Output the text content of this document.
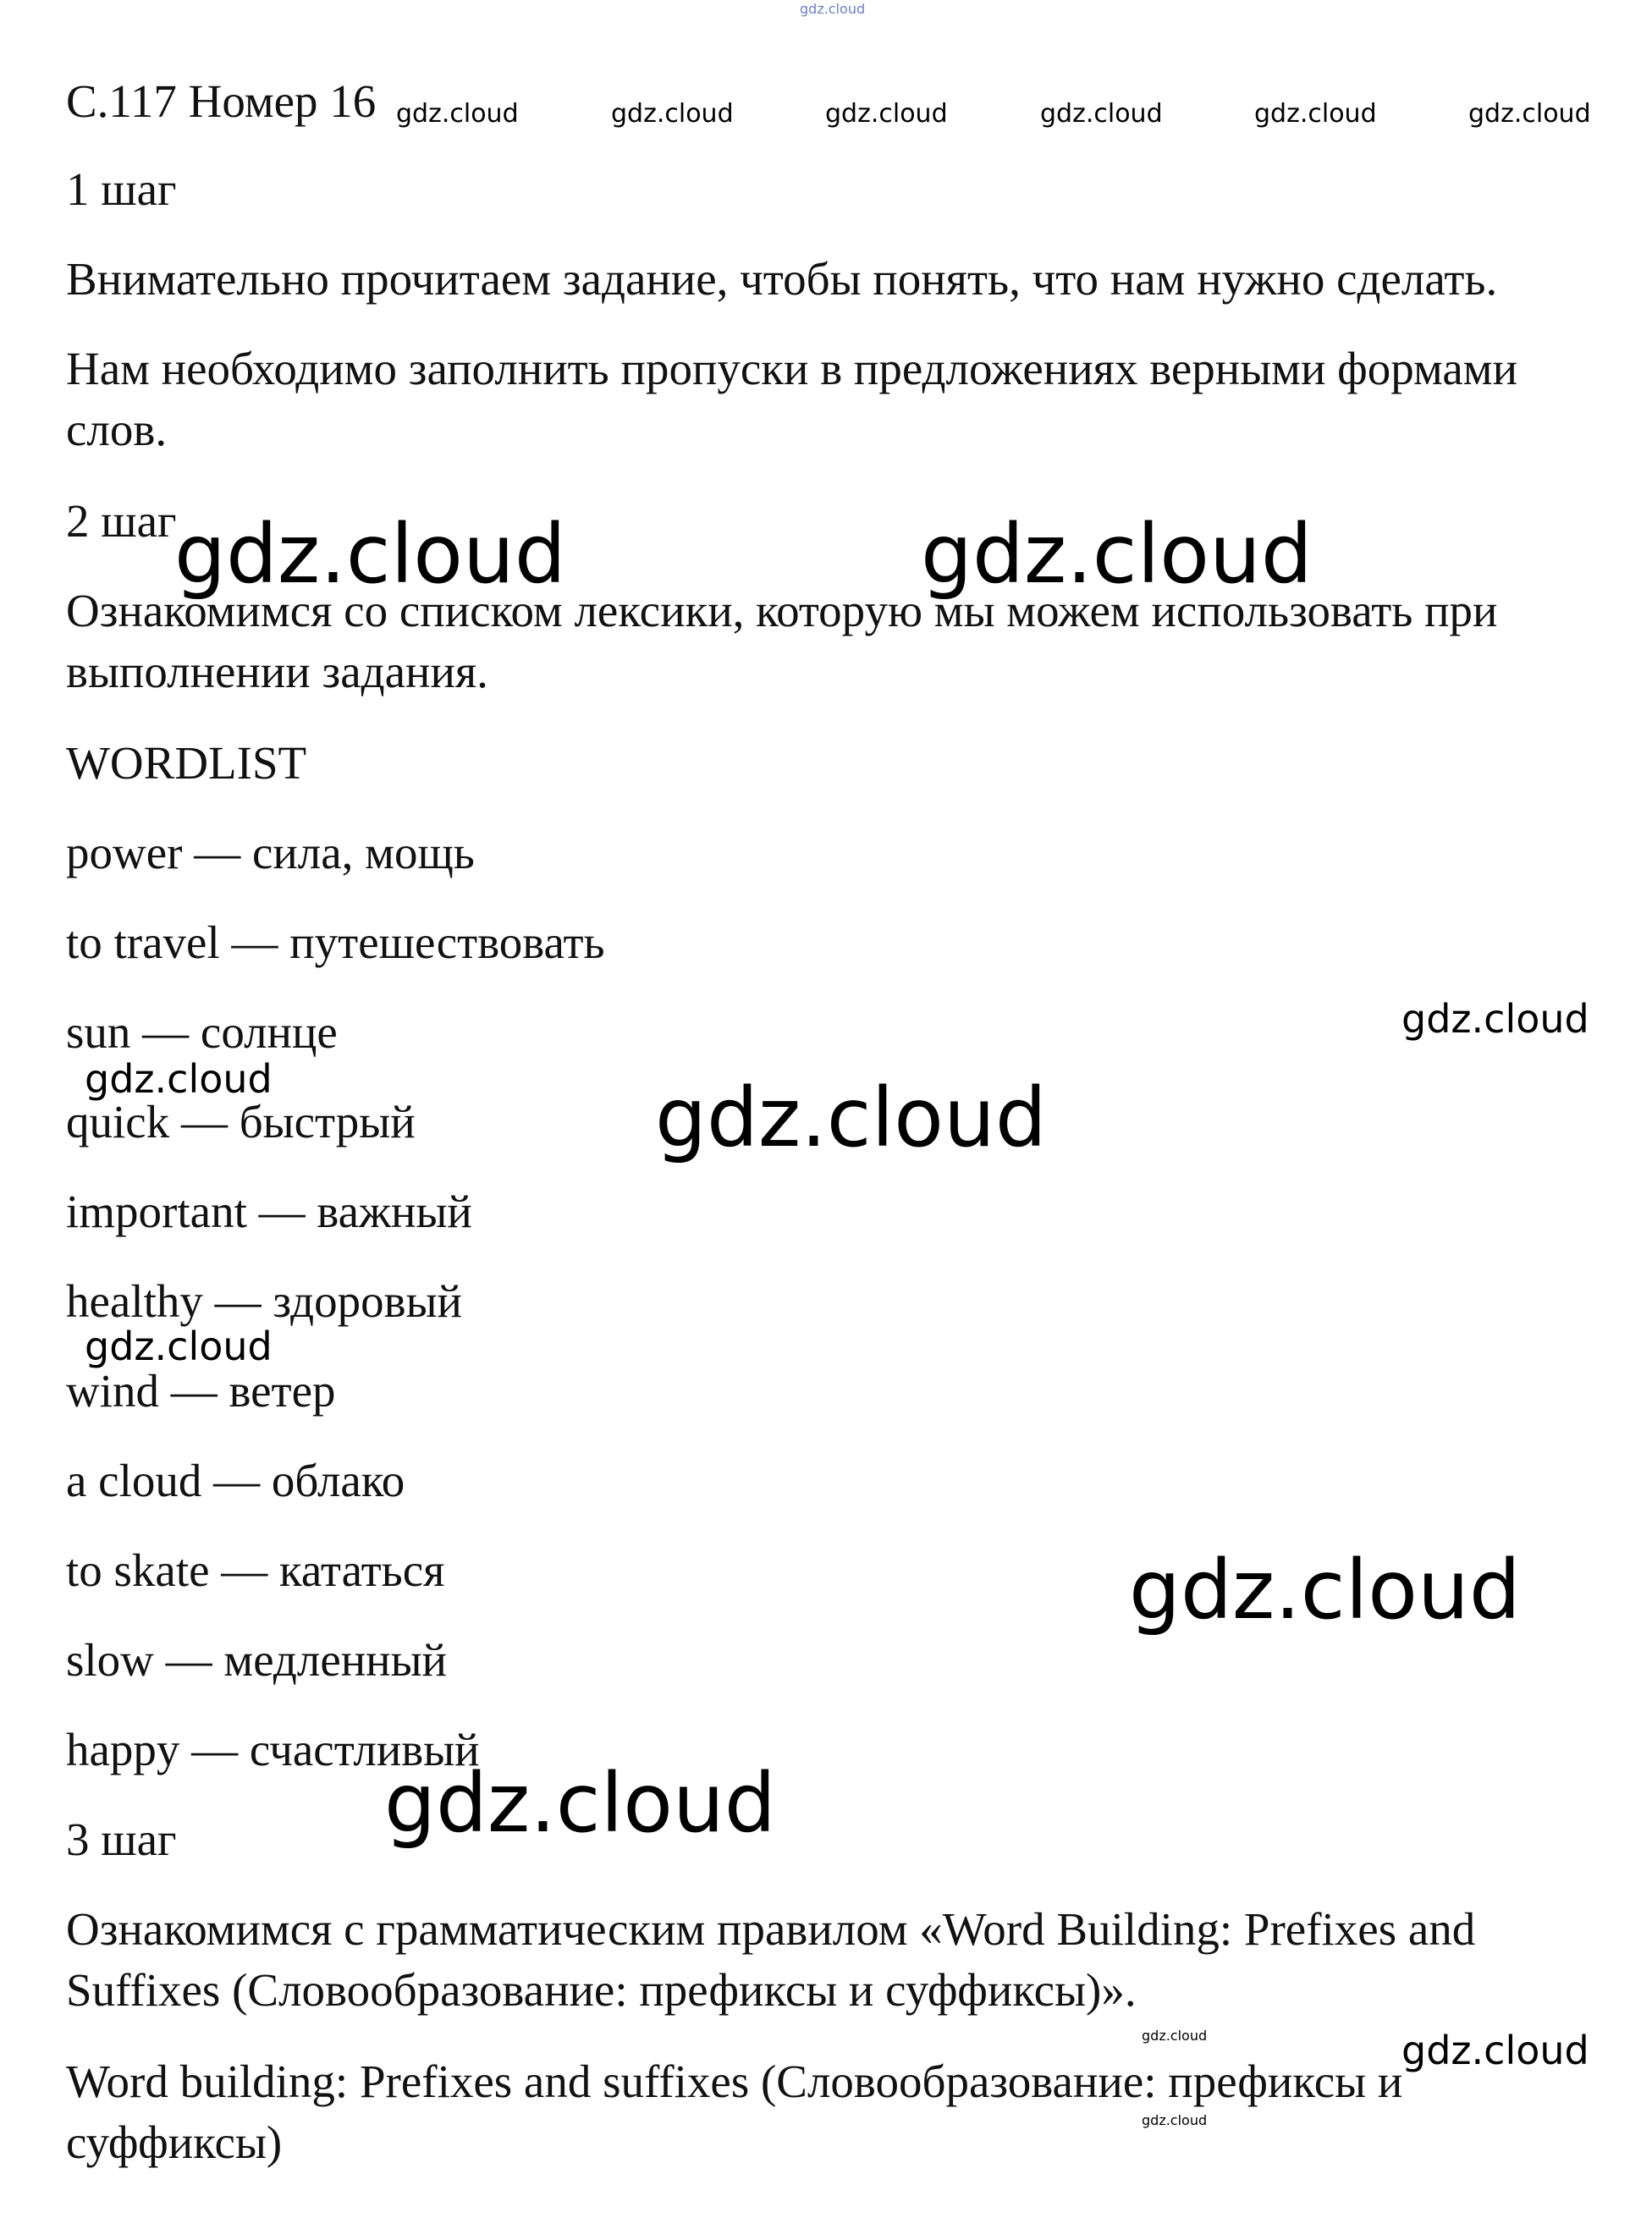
gdz.cloud
С.117 Номер 16 gdz.cloud	gdz.cloud	gdz.cloud	gdz.cloud	gdz.cloud	gdz.cloud

1 шаг

Внимательно прочитаем задание, чтобы понять, что нам нужно сделать.

Нам необходимо заполнить пропуски в предложениях верными формами

слов.

2 шаг

Ознакомимся со списком лексики, которую мы можем использовать при

выполнении задания.

WORDLIST

power — сила, мощь

to travel — путешествовать

sun — солнце

quick — быстрый

important — важный

healthy — здоровый

wind — ветер

a cloud — облако

to skate — кататься

slow — медленный

happy — счастливый

3 шаг

Ознакомимся с грамматическим правилом «Word Building: Prefixes and

Suffixes (Словообразование: префиксы и суффиксы)».

Word building: Prefixes and suffixes (Словообразование: префиксы и

суффиксы)

gdz.cloud	gdz.cloud
gdz.cloud
gdz.cloud
gdz.cloud
gdz.cloud
gdz.cloud
gdz.cloud
gdz.cloud
gdz.cloud
gdz.cloud
